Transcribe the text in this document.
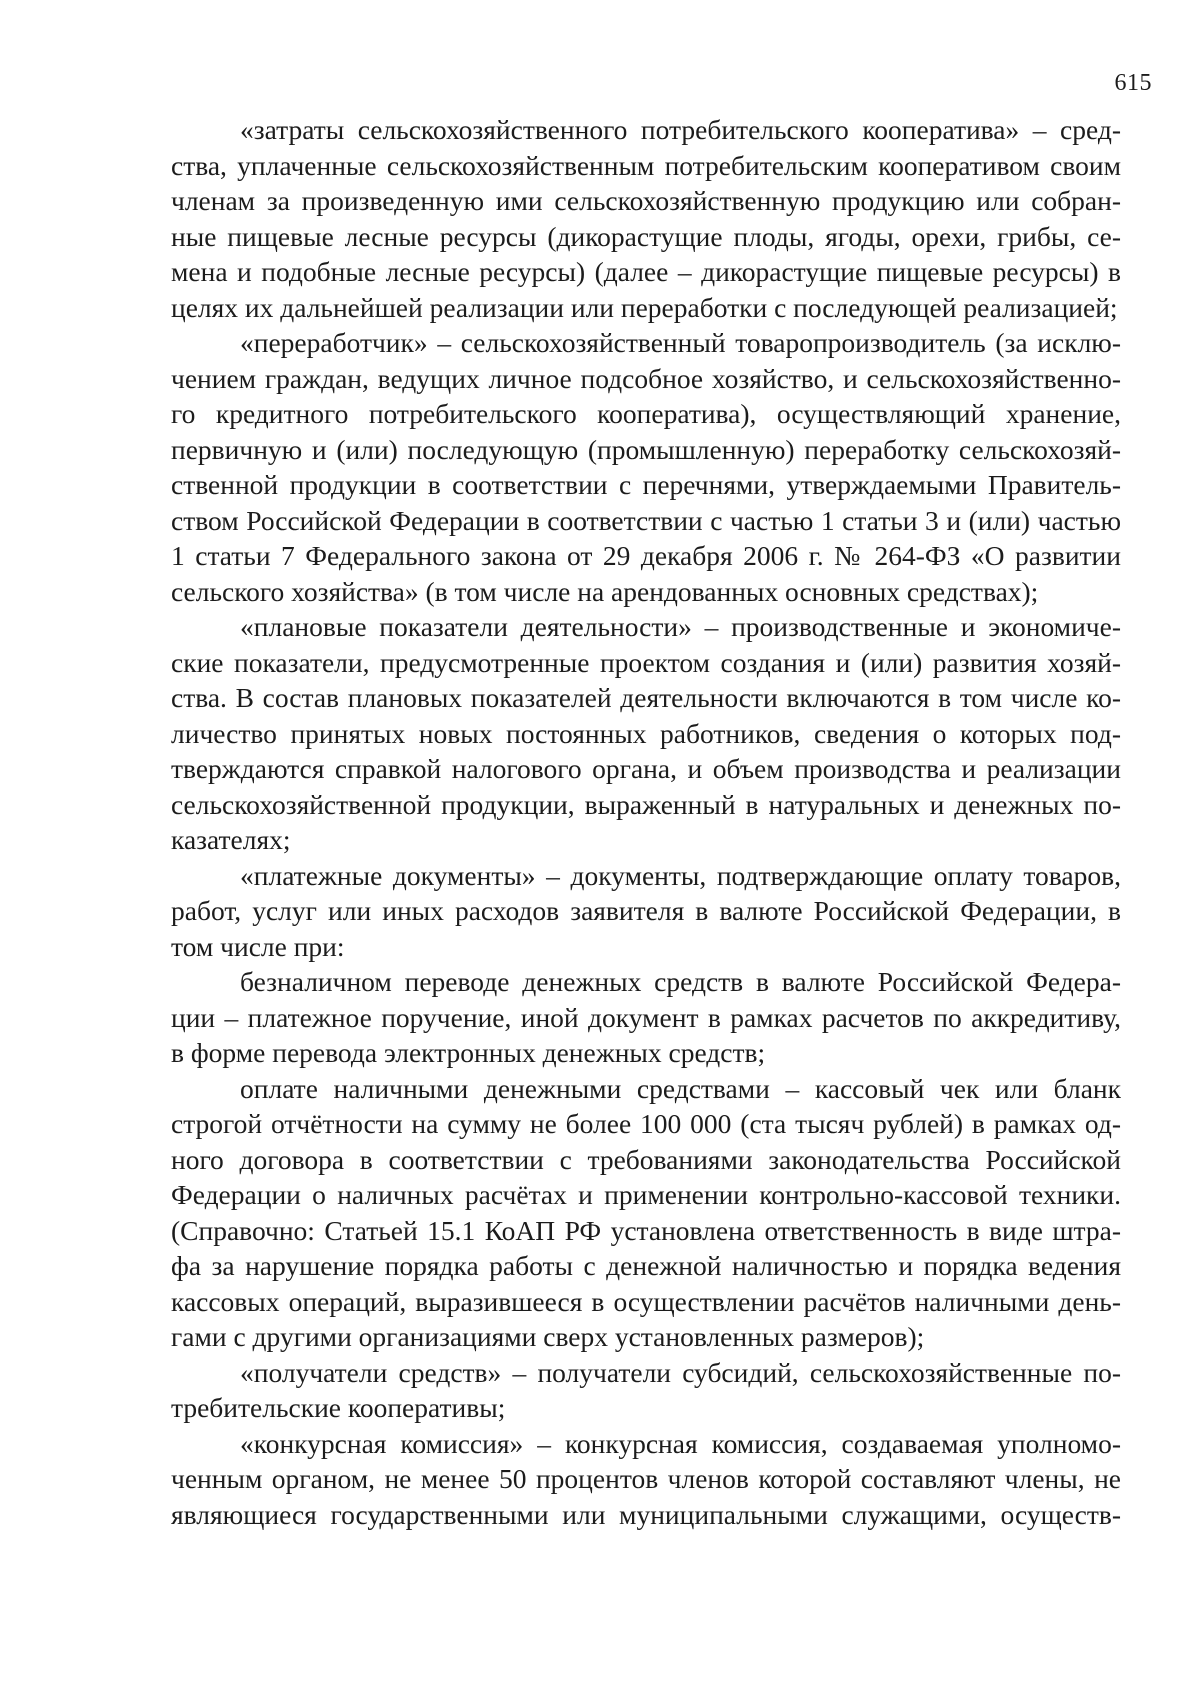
615
«затраты сельскохозяйственного потребительского кооператива» – сред-
ства, уплаченные сельскохозяйственным потребительским кооперативом своим
членам за произведенную ими сельскохозяйственную продукцию или собран-
ные пищевые лесные ресурсы (дикорастущие плоды, ягоды, орехи, грибы, се-
мена и подобные лесные ресурсы) (далее – дикорастущие пищевые ресурсы) в
целях их дальнейшей реализации или переработки с последующей реализацией;
«переработчик» – сельскохозяйственный товаропроизводитель (за исклю-
чением граждан, ведущих личное подсобное хозяйство, и сельскохозяйственно-
го кредитного потребительского кооператива), осуществляющий хранение,
первичную и (или) последующую (промышленную) переработку сельскохозяй-
ственной продукции в соответствии с перечнями, утверждаемыми Правитель-
ством Российской Федерации в соответствии с частью 1 статьи 3 и (или) частью
1 статьи 7 Федерального закона от 29 декабря 2006 г. № 264-ФЗ «О развитии
сельского хозяйства» (в том числе на арендованных основных средствах);
«плановые показатели деятельности» – производственные и экономиче-
ские показатели, предусмотренные проектом создания и (или) развития хозяй-
ства. В состав плановых показателей деятельности включаются в том числе ко-
личество принятых новых постоянных работников, сведения о которых под-
тверждаются справкой налогового органа, и объем производства и реализации
сельскохозяйственной продукции, выраженный в натуральных и денежных по-
казателях;
«платежные документы» – документы, подтверждающие оплату товаров,
работ, услуг или иных расходов заявителя в валюте Российской Федерации, в
том числе при:
безналичном переводе денежных средств в валюте Российской Федера-
ции – платежное поручение, иной документ в рамках расчетов по аккредитиву,
в форме перевода электронных денежных средств;
оплате наличными денежными средствами – кассовый чек или бланк
строгой отчётности на сумму не более 100 000 (ста тысяч рублей) в рамках од-
ного договора в соответствии с требованиями законодательства Российской
Федерации о наличных расчётах и применении контрольно-кассовой техники.
(Справочно: Статьей 15.1 КоАП РФ установлена ответственность в виде штра-
фа за нарушение порядка работы с денежной наличностью и порядка ведения
кассовых операций, выразившееся в осуществлении расчётов наличными день-
гами с другими организациями сверх установленных размеров);
«получатели средств» – получатели субсидий, сельскохозяйственные по-
требительские кооперативы;
«конкурсная комиссия» – конкурсная комиссия, создаваемая уполномо-
ченным органом, не менее 50 процентов членов которой составляют члены, не
являющиеся государственными или муниципальными служащими, осуществ-
